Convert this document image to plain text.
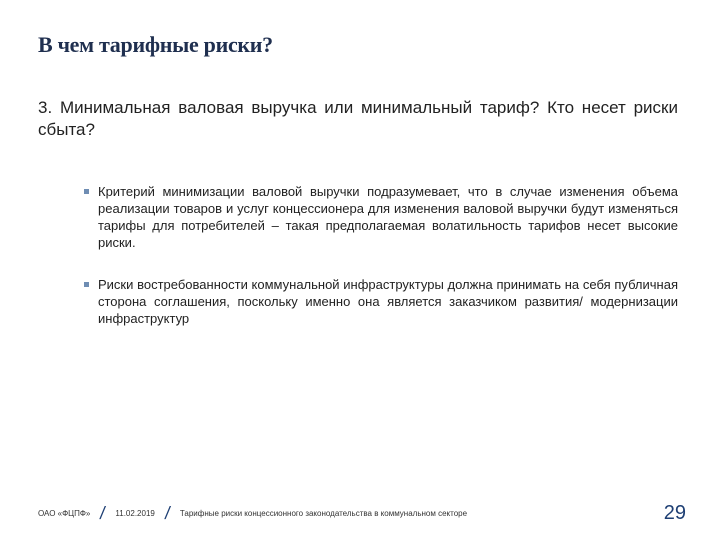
В чем тарифные риски?

3. Минимальная валовая выручка или минимальный тариф? Кто несет риски сбыта?

Критерий минимизации валовой выручки подразумевает, что в случае изменения объема реализации товаров и услуг концессионера для изменения валовой выручки будут изменяться тарифы для потребителей – такая предполагаемая волатильность тарифов несет высокие риски.
Риски востребованности коммунальной инфраструктуры должна принимать на себя публичная сторона соглашения, поскольку именно она является заказчиком развития/ модернизации инфраструктур
ОАО «ФЦПФ» / 11.02.2019 / Тарифные риски концессионного законодательства в коммунальном секторе	29
